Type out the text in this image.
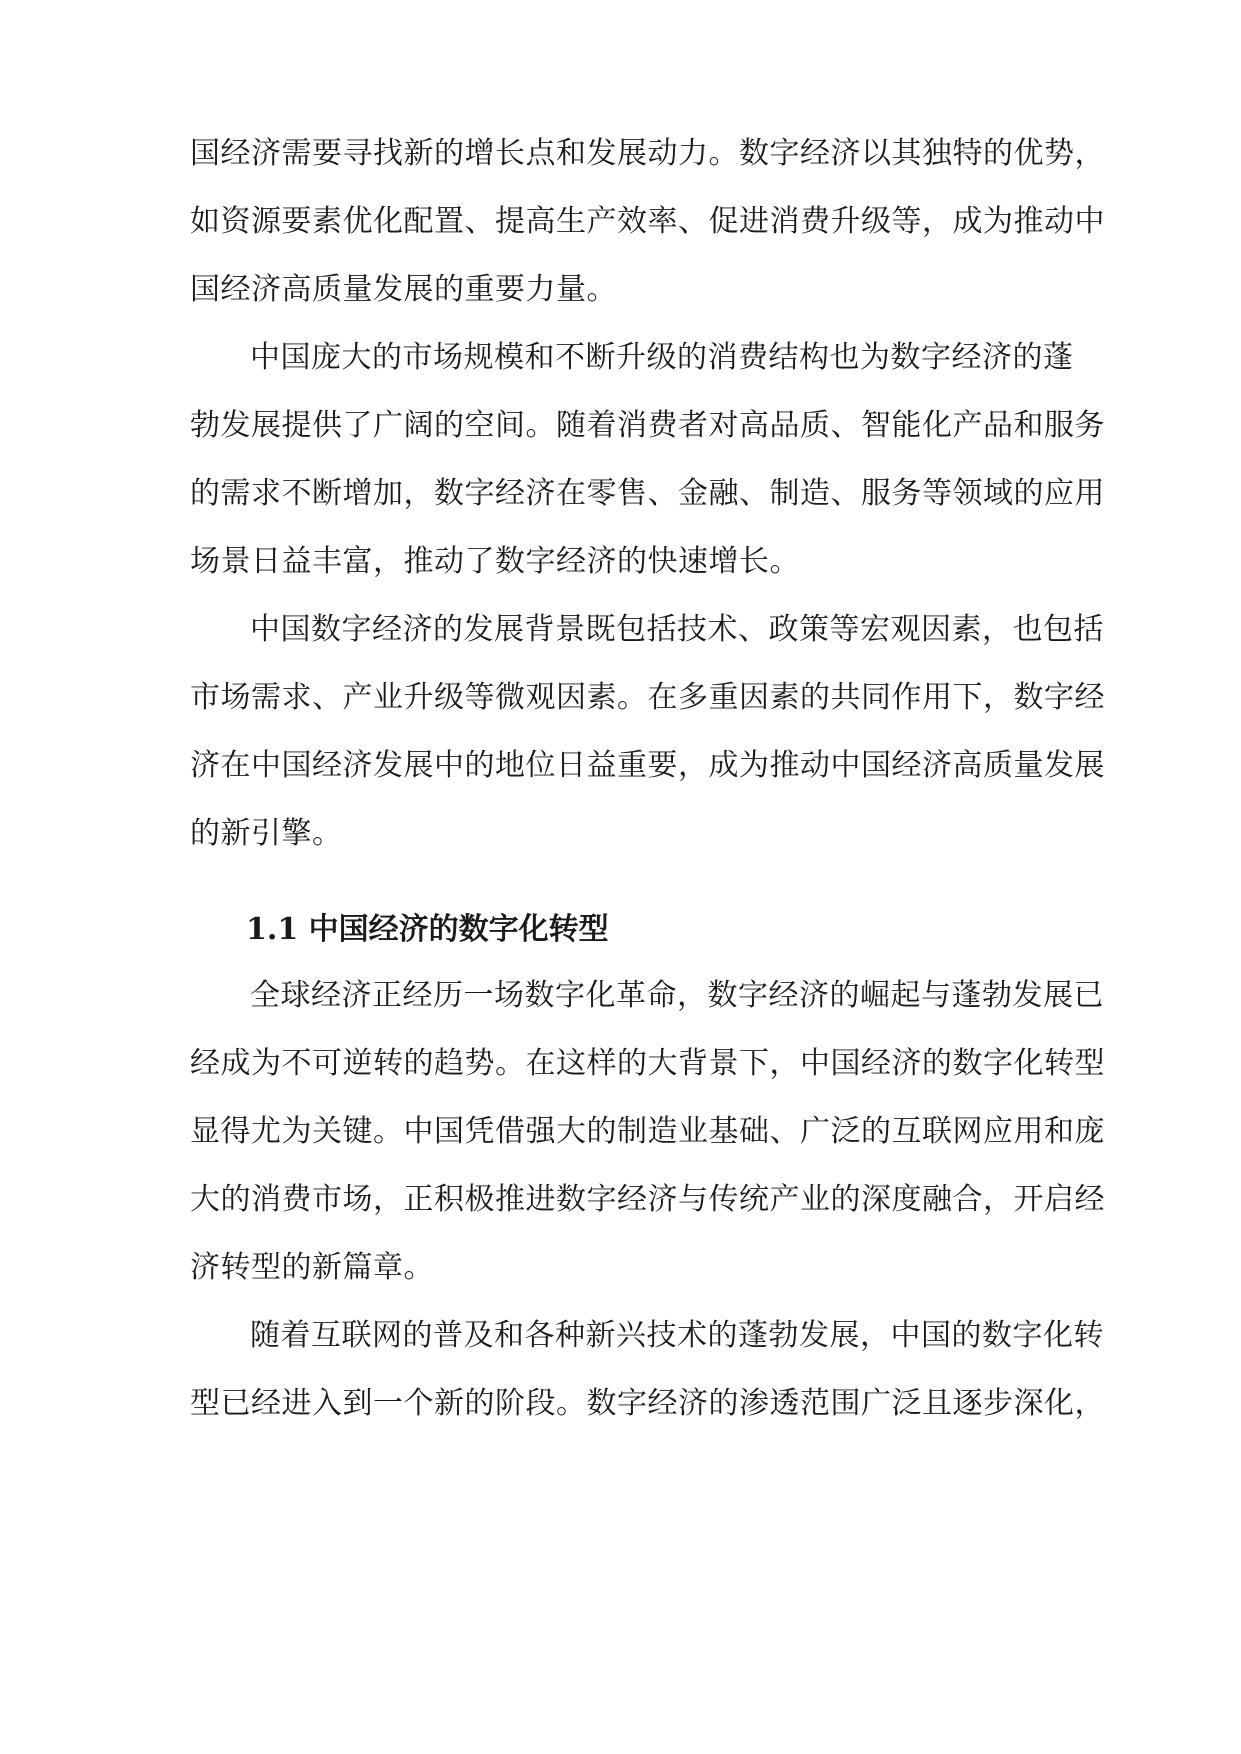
国经济需要寻找新的增长点和发展动力。数字经济以其独特的优势，
如资源要素优化配置、提高生产效率、促进消费升级等，成为推动中
国经济高质量发展的重要力量。
中国庞大的市场规模和不断升级的消费结构也为数字经济的蓬
勃发展提供了广阔的空间。随着消费者对高品质、智能化产品和服务
的需求不断增加，数字经济在零售、金融、制造、服务等领域的应用
场景日益丰富，推动了数字经济的快速增长。
中国数字经济的发展背景既包括技术、政策等宏观因素，也包括
市场需求、产业升级等微观因素。在多重因素的共同作用下，数字经
济在中国经济发展中的地位日益重要，成为推动中国经济高质量发展
的新引擎。
1.1 中国经济的数字化转型
全球经济正经历一场数字化革命，数字经济的崛起与蓬勃发展已
经成为不可逆转的趋势。在这样的大背景下，中国经济的数字化转型
显得尤为关键。中国凭借强大的制造业基础、广泛的互联网应用和庞
大的消费市场，正积极推进数字经济与传统产业的深度融合，开启经
济转型的新篇章。
随着互联网的普及和各种新兴技术的蓬勃发展，中国的数字化转
型已经进入到一个新的阶段。数字经济的渗透范围广泛且逐步深化，
